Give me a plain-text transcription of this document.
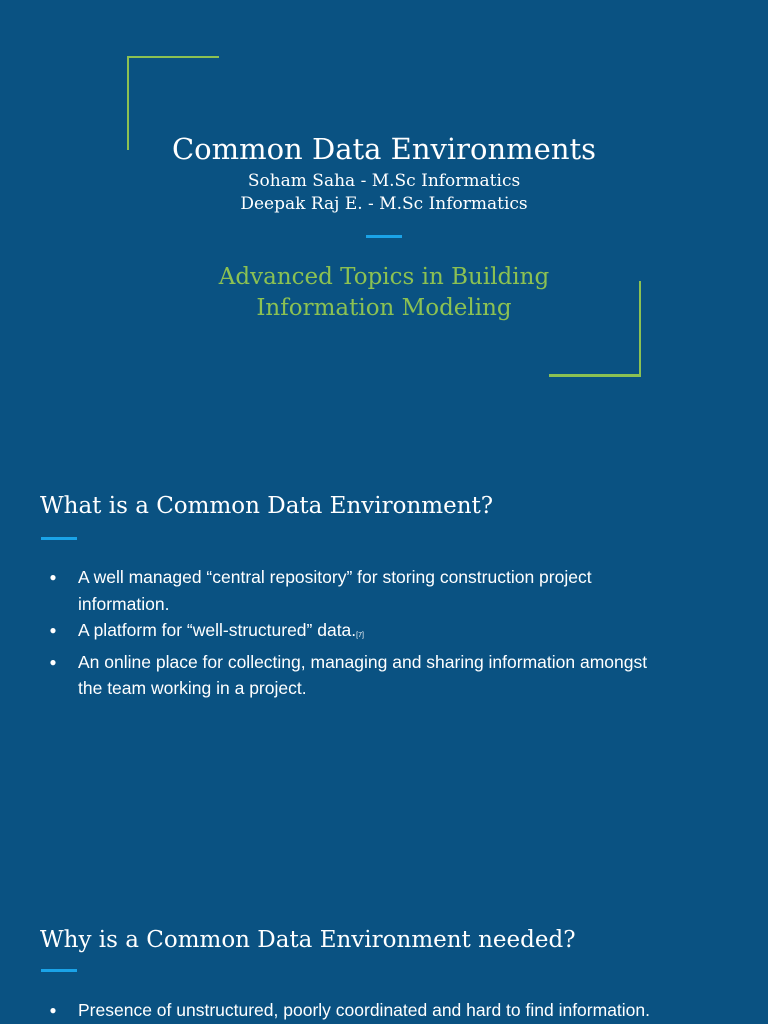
Common Data Environments
Soham Saha - M.Sc Informatics
Deepak Raj E. - M.Sc Informatics
Advanced Topics in Building
Information Modeling
What is a Common Data Environment?
● A well managed “central repository” for storing construction project
information.
● A platform for “well-structured” data.[7]
● An online place for collecting, managing and sharing information amongst
the team working in a project.
Why is a Common Data Environment needed?
● Presence of unstructured, poorly coordinated and hard to find information.
